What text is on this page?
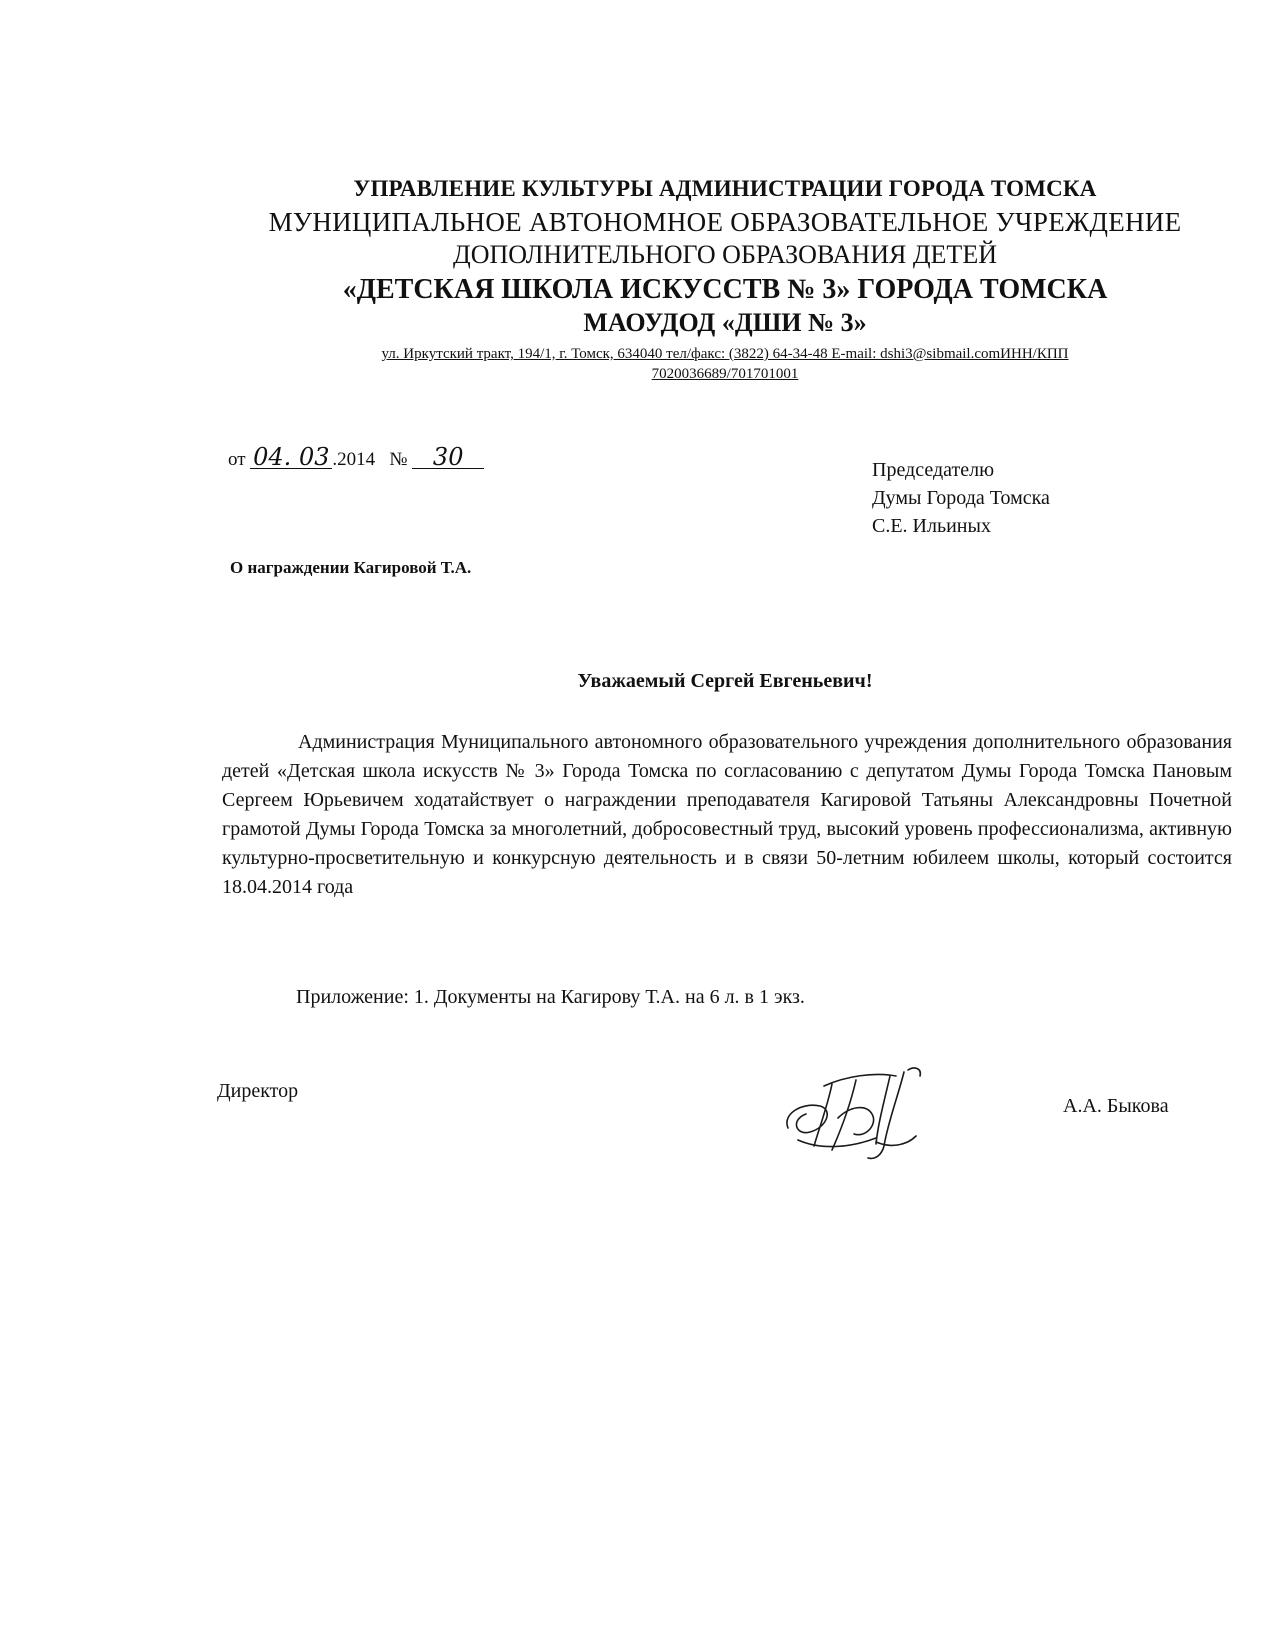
УПРАВЛЕНИЕ КУЛЬТУРЫ АДМИНИСТРАЦИИ ГОРОДА ТОМСКА
МУНИЦИПАЛЬНОЕ АВТОНОМНОЕ ОБРАЗОВАТЕЛЬНОЕ УЧРЕЖДЕНИЕ
ДОПОЛНИТЕЛЬНОГО ОБРАЗОВАНИЯ ДЕТЕЙ
«ДЕТСКАЯ ШКОЛА ИСКУССТВ № 3» ГОРОДА ТОМСКА
МАОУДОД «ДШИ № 3»
ул. Иркутский тракт, 194/1, г. Томск, 634040 тел/факс: (3822) 64-34-48 E-mail: dshi3@sibmail.comИНН/КПП
7020036689/701701001
от 04. 03 .2014 № 30	Председателю
Думы Города Томска
С.Е. Ильиных
О награждении Кагировой Т.А.
Уважаемый Сергей Евгеньевич!
Администрация Муниципального автономного образовательного учреждения дополнительного образования детей «Детская школа искусств № 3» Города Томска по согласованию с депутатом Думы Города Томска Пановым Сергеем Юрьевичем ходатайствует о награждении преподавателя Кагировой Татьяны Александровны Почетной грамотой Думы Города Томска за многолетний, добросовестный труд, высокий уровень профессионализма, активную культурно-просветительную и конкурсную деятельность и в связи 50-летним юбилеем школы, который состоится 18.04.2014 года
Приложение: 1. Документы на Кагирову Т.А. на 6 л. в 1 экз.
Директор
А.А. Быкова
